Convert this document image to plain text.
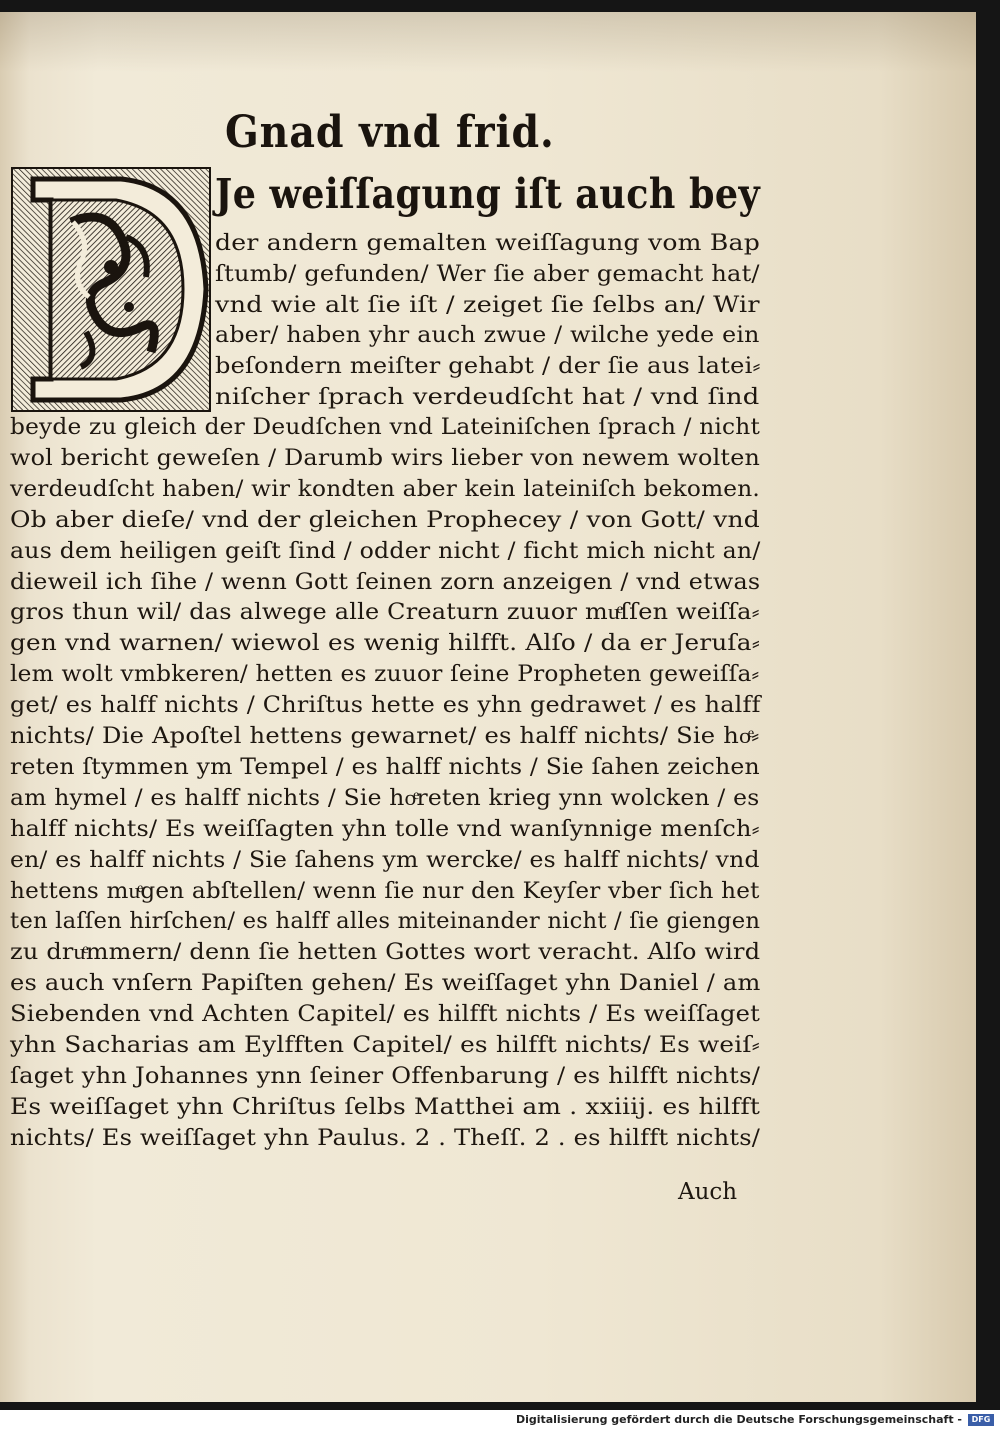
Gnad vnd frid.
Je weiſſagung iſt auch bey
der andern gemalten weiſſagung vom Bap
ſtumb/ gefunden/ Wer ſie aber gemacht hat/
vnd wie alt ſie iſt / zeiget ſie ſelbs an/ Wir
aber/ haben yhr auch zwue / wilche yede ein
beſondern meiſter gehabt / der ſie aus latei⸗
niſcher ſprach verdeudſcht hat / vnd ſind
beyde zu gleich der Deudſchen vnd Lateiniſchen ſprach / nicht
wol bericht geweſen / Darumb wirs lieber von newem wolten
verdeudſcht haben/ wir kondten aber kein lateiniſch bekomen.
Ob aber dieſe/ vnd der gleichen Prophecey / von Gott/ vnd
aus dem heiligen geiſt ſind / odder nicht / ficht mich nicht an/
dieweil ich ſihe / wenn Gott ſeinen zorn anzeigen / vnd etwas
gros thun wil/ das alwege alle Creaturn zuuor muͤſſen weiſſa⸗
gen vnd warnen/ wiewol es wenig hilfft. Alſo / da er Jeruſa⸗
lem wolt vmbkeren/ hetten es zuuor ſeine Propheten geweiſſa⸗
get/ es halff nichts / Chriſtus hette es yhn gedrawet / es halff
nichts/ Die Apoſtel hettens gewarnet/ es halff nichts/ Sie hoͤ⸗
reten ſtymmen ym Tempel / es halff nichts / Sie ſahen zeichen
am hymel / es halff nichts / Sie hoͤreten krieg ynn wolcken / es
halff nichts/ Es weiſſagten yhn tolle vnd wanſynnige menſch⸗
en/ es halff nichts / Sie ſahens ym wercke/ es halff nichts/ vnd
hettens muͤgen abſtellen/ wenn ſie nur den Keyſer vber ſich het
ten laſſen hirſchen/ es halff alles miteinander nicht / ſie giengen
zu druͤmmern/ denn ſie hetten Gottes wort veracht. Alſo wird
es auch vnſern Papiſten gehen/ Es weiſſaget yhn Daniel / am
Siebenden vnd Achten Capitel/ es hilfft nichts / Es weiſſaget
yhn Sacharias am Eylfften Capitel/ es hilfft nichts/ Es weiſ⸗
ſaget yhn Johannes ynn ſeiner Offenbarung / es hilfft nichts/
Es weiſſaget yhn Chriſtus ſelbs Matthei am . xxiiij. es hilfft
nichts/ Es weiſſaget yhn Paulus. 2 . Theſſ. 2 . es hilfft nichts/
Auch
Digitalisierung gefördert durch die Deutsche Forschungsgemeinschaft -	DFG
